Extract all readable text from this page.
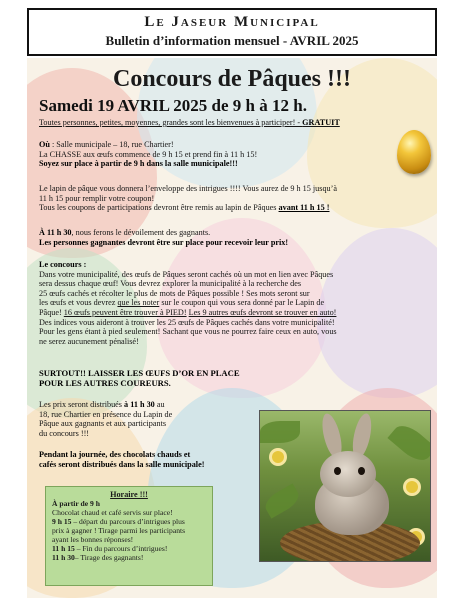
Le Jaseur Municipal
Bulletin d’information mensuel - AVRIL 2025
Concours de Pâques !!!
Samedi 19 AVRIL 2025 de 9 h à 12 h.
Toutes personnes, petites, moyennes, grandes sont les bienvenues à participer! - GRATUIT
Où : Salle municipale – 18, rue Chartier!
La CHASSE aux œufs commence de 9 h 15 et prend fin à 11 h 15!
Soyez sur place à partir de 9 h dans la salle municipale!!!
Le lapin de pâque vous donnera l’enveloppe des intrigues !!!! Vous aurez de 9 h 15 jusqu’à
11 h 15 pour remplir votre coupon!
Tous les coupons de participations devront être remis au lapin de Pâques avant 11 h 15 !
À 11 h 30, nous ferons le dévoilement des gagnants.
Les personnes gagnantes devront être sur place pour recevoir leur prix!
Le concours :
Dans votre municipalité, des œufs de Pâques seront cachés où un mot en lien avec Pâques
sera dessus chaque œuf! Vous devrez explorer la municipalité à la recherche des
25 œufs cachés et récolter le plus de mots de Pâques possible ! Ses mots seront sur
les œufs et vous devrez que les noter sur le coupon qui vous sera donné par le Lapin de
Pâque! 16 œufs peuvent être trouver à PIED! Les 9 autres œufs devront se trouver en auto!
Des indices vous aideront à trouver les 25 œufs de Pâques cachés dans votre municipalité!
Pour les gens étant à pied seulement! Sachant que vous ne pourrez faire ceux en auto, vous
ne serez aucunement pénalisé!
SURTOUT!! LAISSER LES ŒUFS D’OR EN PLACE
POUR LES AUTRES COUREURS.
Les prix seront distribués à 11 h 30 au
18, rue Chartier en présence du Lapin de
Pâque aux gagnants et aux participants
du concours !!!
Pendant la journée, des chocolats chauds et
cafés seront distribués dans la salle municipale!
Horaire !!!
À partir de 9 h
Chocolat chaud et café servis sur place!
9 h 15 – départ du parcours d’intrigues plus
prix à gagner ! Tirage parmi les participants
ayant les bonnes réponses!
11 h 15 – Fin du parcours d’intrigues!
11 h 30– Tirage des gagnants!
